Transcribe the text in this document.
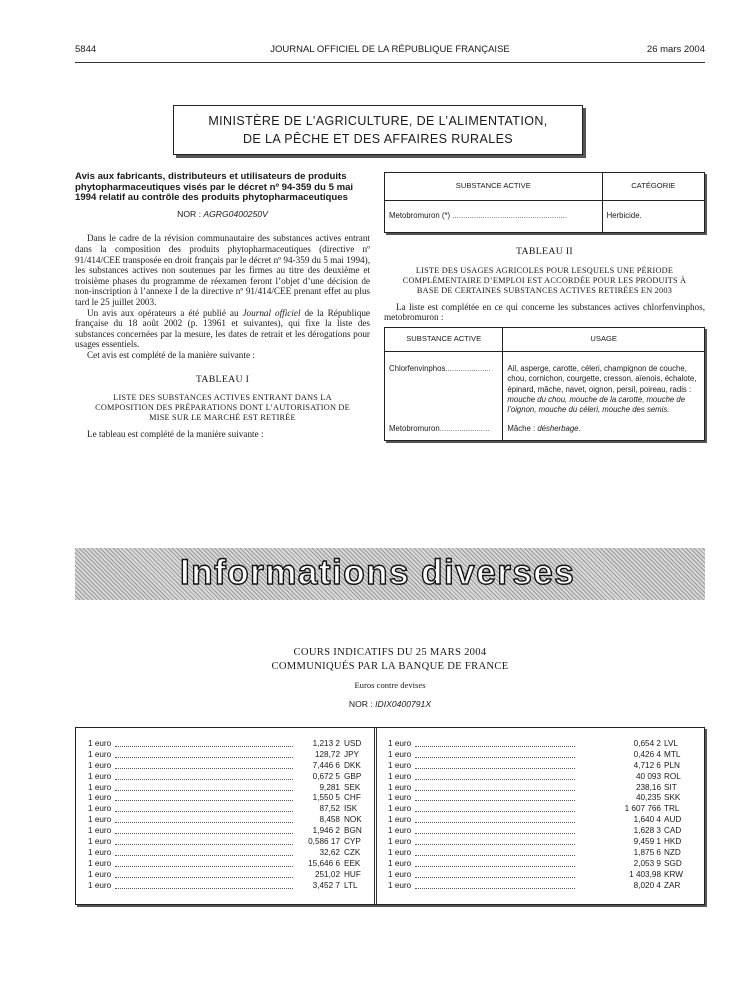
5844	JOURNAL OFFICIEL DE LA RÉPUBLIQUE FRANÇAISE	26 mars 2004
MINISTÈRE DE L’AGRICULTURE, DE L’ALIMENTATION,
DE LA PÊCHE ET DES AFFAIRES RURALES
Avis aux fabricants, distributeurs et utilisateurs de produits phytopharmaceutiques visés par le décret nº 94-359 du 5 mai 1994 relatif au contrôle des produits phytopharmaceutiques
NOR : AGRG0400250V

Dans le cadre de la révision communautaire des substances actives entrant dans la composition des produits phytopharmaceutiques (directive nº 91/414/CEE transposée en droit français par le décret nº 94-359 du 5 mai 1994), les substances actives non soutenues par les firmes au titre des deuxième et troisième phases du programme de réexamen feront l’objet d’une décision de non-inscription à l’annexe I de la directive nº 91/414/CEE prenant effet au plus tard le 25 juillet 2003.

Un avis aux opérateurs a été publié au Journal officiel de la République française du 18 août 2002 (p. 13961 et suivantes), qui fixe la liste des substances concernées par la mesure, les dates de retrait et les dérogations pour usages essentiels.

Cet avis est complété de la manière suivante :

TABLEAU I
LISTE DES SUBSTANCES ACTIVES ENTRANT DANS LA COMPOSITION DES PRÉPARATIONS DONT L’AUTORISATION DE MISE SUR LE MARCHÉ EST RETIRÉE

Le tableau est complété de la manière suivante :

SUBSTANCE ACTIVE	CATÉGORIE
Metobromuron (*) .....................................................	Herbicide.
TABLEAU II
LISTE DES USAGES AGRICOLES POUR LESQUELS UNE PÉRIODE COMPLÉMENTAIRE D’EMPLOI EST ACCORDÉE POUR LES PRODUITS À BASE DE CERTAINES SUBSTANCES ACTIVES RETIRÉES EN 2003

La liste est complétée en ce qui concerne les substances actives chlorfenvinphos, metobromuron :

SUBSTANCE ACTIVE	USAGE
Chlorfenvinphos.....................	Ail, asperge, carotte, céleri, champignon de couche, chou, cornichon, courgette, cresson, aïenois, échalote, épinard, mâche, navet, oignon, persil, poireau, radis : mouche du chou, mouche de la carotte, mouche de l’oignon, mouche du céleri, mouche des semis.
Metobromuron.......................	Mâche : désherbage.
Informations diverses
COURS INDICATIFS DU 25 MARS 2004
COMMUNIQUÉS PAR LA BANQUE DE FRANCE
Euros contre devises
NOR : IDIX0400791X
1 euro	1,213 2 USD
1 euro	128,72 JPY
1 euro	7,446 6 DKK
1 euro	0,672 5 GBP
1 euro	9,281 SEK
1 euro	1,550 5 CHF
1 euro	87,52 ISK
1 euro	8,458 NOK
1 euro	1,946 2 BGN
1 euro	0,586 17 CYP
1 euro	32,62 CZK
1 euro	15,646 6 EEK
1 euro	251,02 HUF
1 euro	3,452 7 LTL
1 euro	0,654 2 LVL
1 euro	0,426 4 MTL
1 euro	4,712 6 PLN
1 euro	40 093 ROL
1 euro	238,16 SIT
1 euro	40,235 SKK
1 euro	1 607 766 TRL
1 euro	1,640 4 AUD
1 euro	1,628 3 CAD
1 euro	9,459 1 HKD
1 euro	1,875 6 NZD
1 euro	2,053 9 SGD
1 euro	1 403,98 KRW
1 euro	8,020 4 ZAR
